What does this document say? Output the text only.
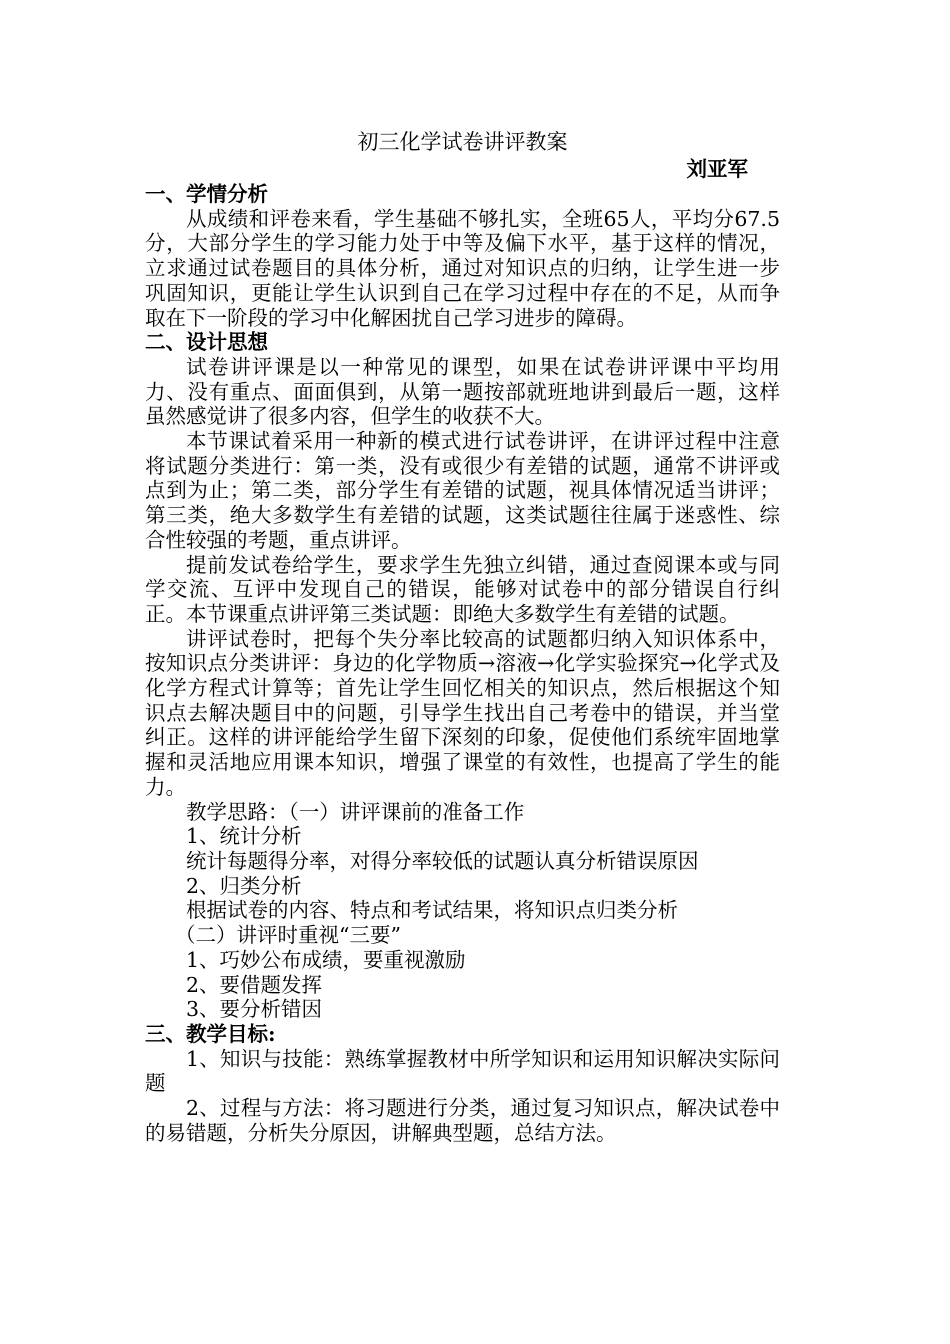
初三化学试卷讲评教案

刘亚军

一、学情分析

从成绩和评卷来看，学生基础不够扎实，全班65人，平均分67.5分，大部分学生的学习能力处于中等及偏下水平，基于这样的情况，立求通过试卷题目的具体分析，通过对知识点的归纳，让学生进一步巩固知识，更能让学生认识到自己在学习过程中存在的不足，从而争取在下一阶段的学习中化解困扰自己学习进步的障碍。

二、设计思想

试卷讲评课是以一种常见的课型，如果在试卷讲评课中平均用力、没有重点、面面俱到，从第一题按部就班地讲到最后一题，这样虽然感觉讲了很多内容，但学生的收获不大。

本节课试着采用一种新的模式进行试卷讲评，在讲评过程中注意将试题分类进行：第一类，没有或很少有差错的试题，通常不讲评或点到为止；第二类，部分学生有差错的试题，视具体情况适当讲评；第三类，绝大多数学生有差错的试题，这类试题往往属于迷惑性、综合性较强的考题，重点讲评。

提前发试卷给学生，要求学生先独立纠错，通过查阅课本或与同学交流、互评中发现自己的错误，能够对试卷中的部分错误自行纠正。本节课重点讲评第三类试题：即绝大多数学生有差错的试题。

讲评试卷时，把每个失分率比较高的试题都归纳入知识体系中，按知识点分类讲评：身边的化学物质→溶液→化学实验探究→化学式及化学方程式计算等；首先让学生回忆相关的知识点，然后根据这个知识点去解决题目中的问题，引导学生找出自己考卷中的错误，并当堂纠正。这样的讲评能给学生留下深刻的印象，促使他们系统牢固地掌握和灵活地应用课本知识，增强了课堂的有效性，也提高了学生的能力。

教学思路：（一）讲评课前的准备工作

1、统计分析

统计每题得分率，对得分率较低的试题认真分析错误原因

2、归类分析

根据试卷的内容、特点和考试结果，将知识点归类分析

（二）讲评时重视“三要”

1、巧妙公布成绩，要重视激励

2、要借题发挥

3、要分析错因

三、教学目标:

1、知识与技能：熟练掌握教材中所学知识和运用知识解决实际问题

2、过程与方法：将习题进行分类，通过复习知识点，解决试卷中的易错题，分析失分原因，讲解典型题，总结方法。
